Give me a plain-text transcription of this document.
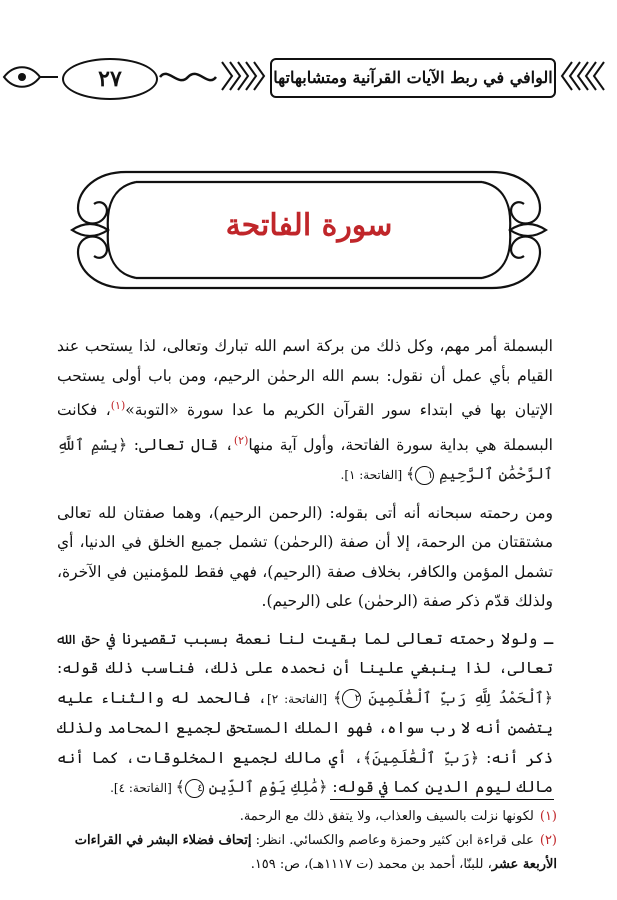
٢٧	الوافي في ربط الآيات القرآنية ومتشابهاتها
سورة الفاتحة

البسملة أمر مهم، وكل ذلك من بركة اسم الله تبارك وتعالى، لذا يستحب عند القيام بأي عمل أن نقول: بسم الله الرحمٰن الرحيم، ومن باب أولى يستحب الإتيان بها في ابتداء سور القرآن الكريم ما عدا سورة «التوبة»$^{(١)}$، فكانت البسملة هي بداية سورة الفاتحة، وأول آية منها$^{(٢)}$، قال تعالى: ﴿بِسْمِ ٱللَّهِ ٱلرَّحْمَٰنِ ٱلرَّحِيمِ ١﴾ [الفاتحة: ١].

ومن رحمته سبحانه أنه أتى بقوله: (الرحمن الرحيم)، وهما صفتان لله تعالى مشتقتان من الرحمة، إلا أن صفة (الرحمٰن) تشمل جميع الخلق في الدنيا، أي تشمل المؤمن والكافر، بخلاف صفة (الرحيم)، فهي فقط للمؤمنين في الآخرة، ولذلك قدّم ذكر صفة (الرحمٰن) على (الرحيم).

ـ ولولا رحمته تعالى لما بقيت لنا نعمة بسبب تقصيرنا في حق الله تعالى، لذا ينبغي علينا أن نحمده على ذلك، فناسب ذلك قوله: ﴿ٱلْحَمْدُ لِلَّهِ رَبِّ ٱلْعَٰلَمِينَ ٢﴾ [الفاتحة: ٢]، فالحمد له والثناء عليه يتضمن أنه لا رب سواه، فهو الملك المستحق لجميع المحامد ولذلك ذكر أنه: ﴿رَبِّ ٱلْعَٰلَمِينَ﴾، أي مالك لجميع المخلوقات، كما أنه مالك ليوم الدين كما في قوله: ﴿مَٰلِكِ يَوْمِ ٱلدِّينِ ٤﴾ [الفاتحة: ٤].

(١)لكونها نزلت بالسيف والعذاب، ولا يتفق ذلك مع الرحمة.

(٢)على قراءة ابن كثير وحمزة وعاصم والكسائي. انظر: إتحاف فضلاء البشر في القراءات الأربعة عشر، للبنّا، أحمد بن محمد (ت ١١١٧هـ)، ص: ١٥٩.
